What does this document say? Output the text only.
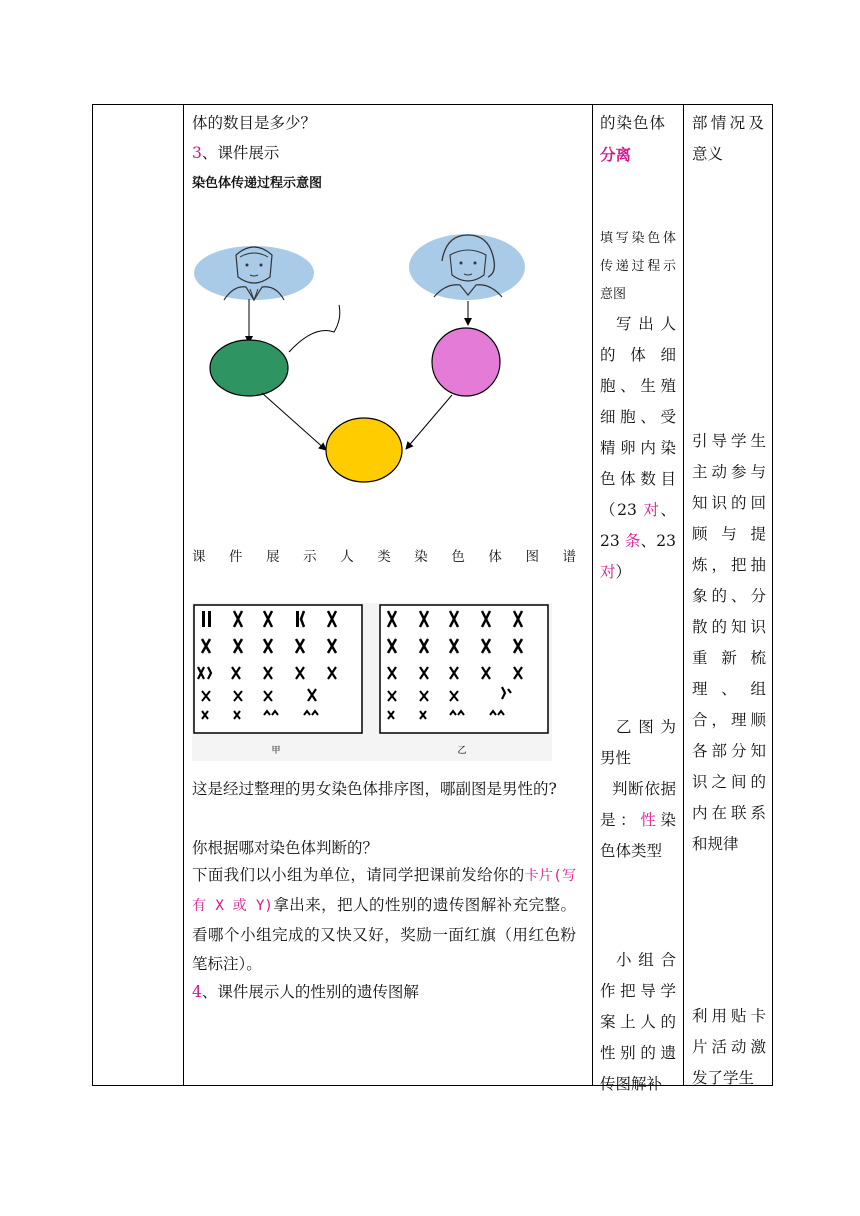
体的数目是多少？
3、课件展示
染色体传递过程示意图
课件展示人类染色体图谱
甲	乙
这是经过整理的男女染色体排序图，哪副图是男性的?
你根据哪对染色体判断的？
下面我们以小组为单位，请同学把课前发给你的卡片(写有 X 或 Y)拿出来，把人的性别的遗传图解补充完整。看哪个小组完成的又快又好，奖励一面红旗（用红色粉笔标注）。
4、课件展示人的性别的遗传图解

的染色体
分离
填写染色体传递过程示意图
写出人的体细胞、生殖细胞、受精卵内染色体数目（23 对、23 条、23 对）
乙图为男性
判断依据是：性染色体类型
小组合作把导学案上人的性别的遗传图解补

部情况及意义
引导学生主动参与知识的回顾与提炼，把抽象的、分散的知识重新梳理、组合，理顺各部分知识之间的内在联系和规律
利用贴卡片活动激发了学生
